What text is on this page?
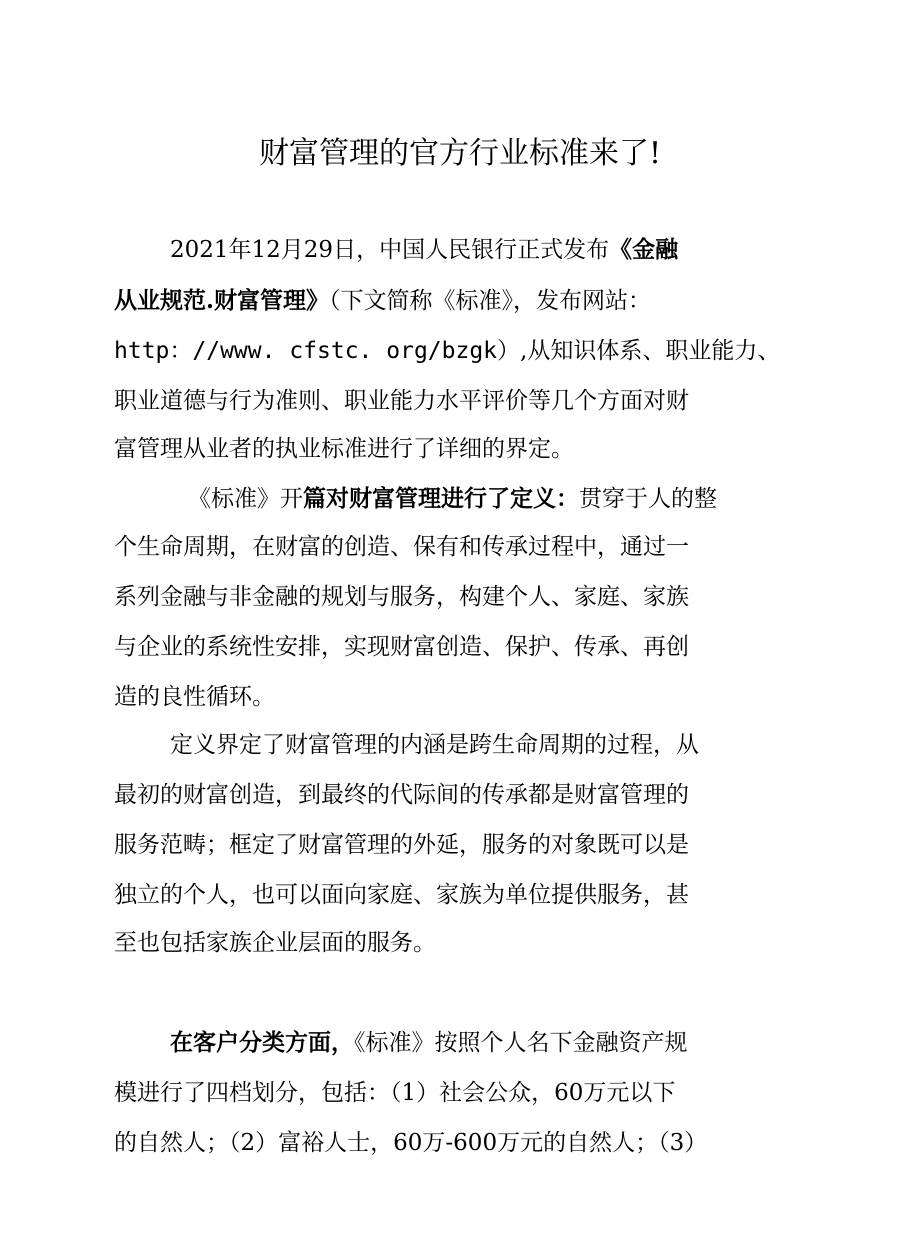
财富管理的官方行业标准来了!
2021年12月29日，中国人民银行正式发布《金融
从业规范.财富管理》（下文简称《标准》，发布网站：
http：//www. cfstc. org/bzgk）,从知识体系、职业能力、
职业道德与行为准则、职业能力水平评价等几个方面对财
富管理从业者的执业标准进行了详细的界定。
《标准》开篇对财富管理进行了定义：贯穿于人的整
个生命周期，在财富的创造、保有和传承过程中，通过一
系列金融与非金融的规划与服务，构建个人、家庭、家族
与企业的系统性安排，实现财富创造、保护、传承、再创
造的良性循环。
定义界定了财富管理的内涵是跨生命周期的过程，从
最初的财富创造，到最终的代际间的传承都是财富管理的
服务范畴；框定了财富管理的外延，服务的对象既可以是
独立的个人，也可以面向家庭、家族为单位提供服务，甚
至也包括家族企业层面的服务。
在客户分类方面，《标准》按照个人名下金融资产规
模进行了四档划分，包括：（1）社会公众，60万元以下
的自然人；（2）富裕人士，60万-600万元的自然人；（3）
